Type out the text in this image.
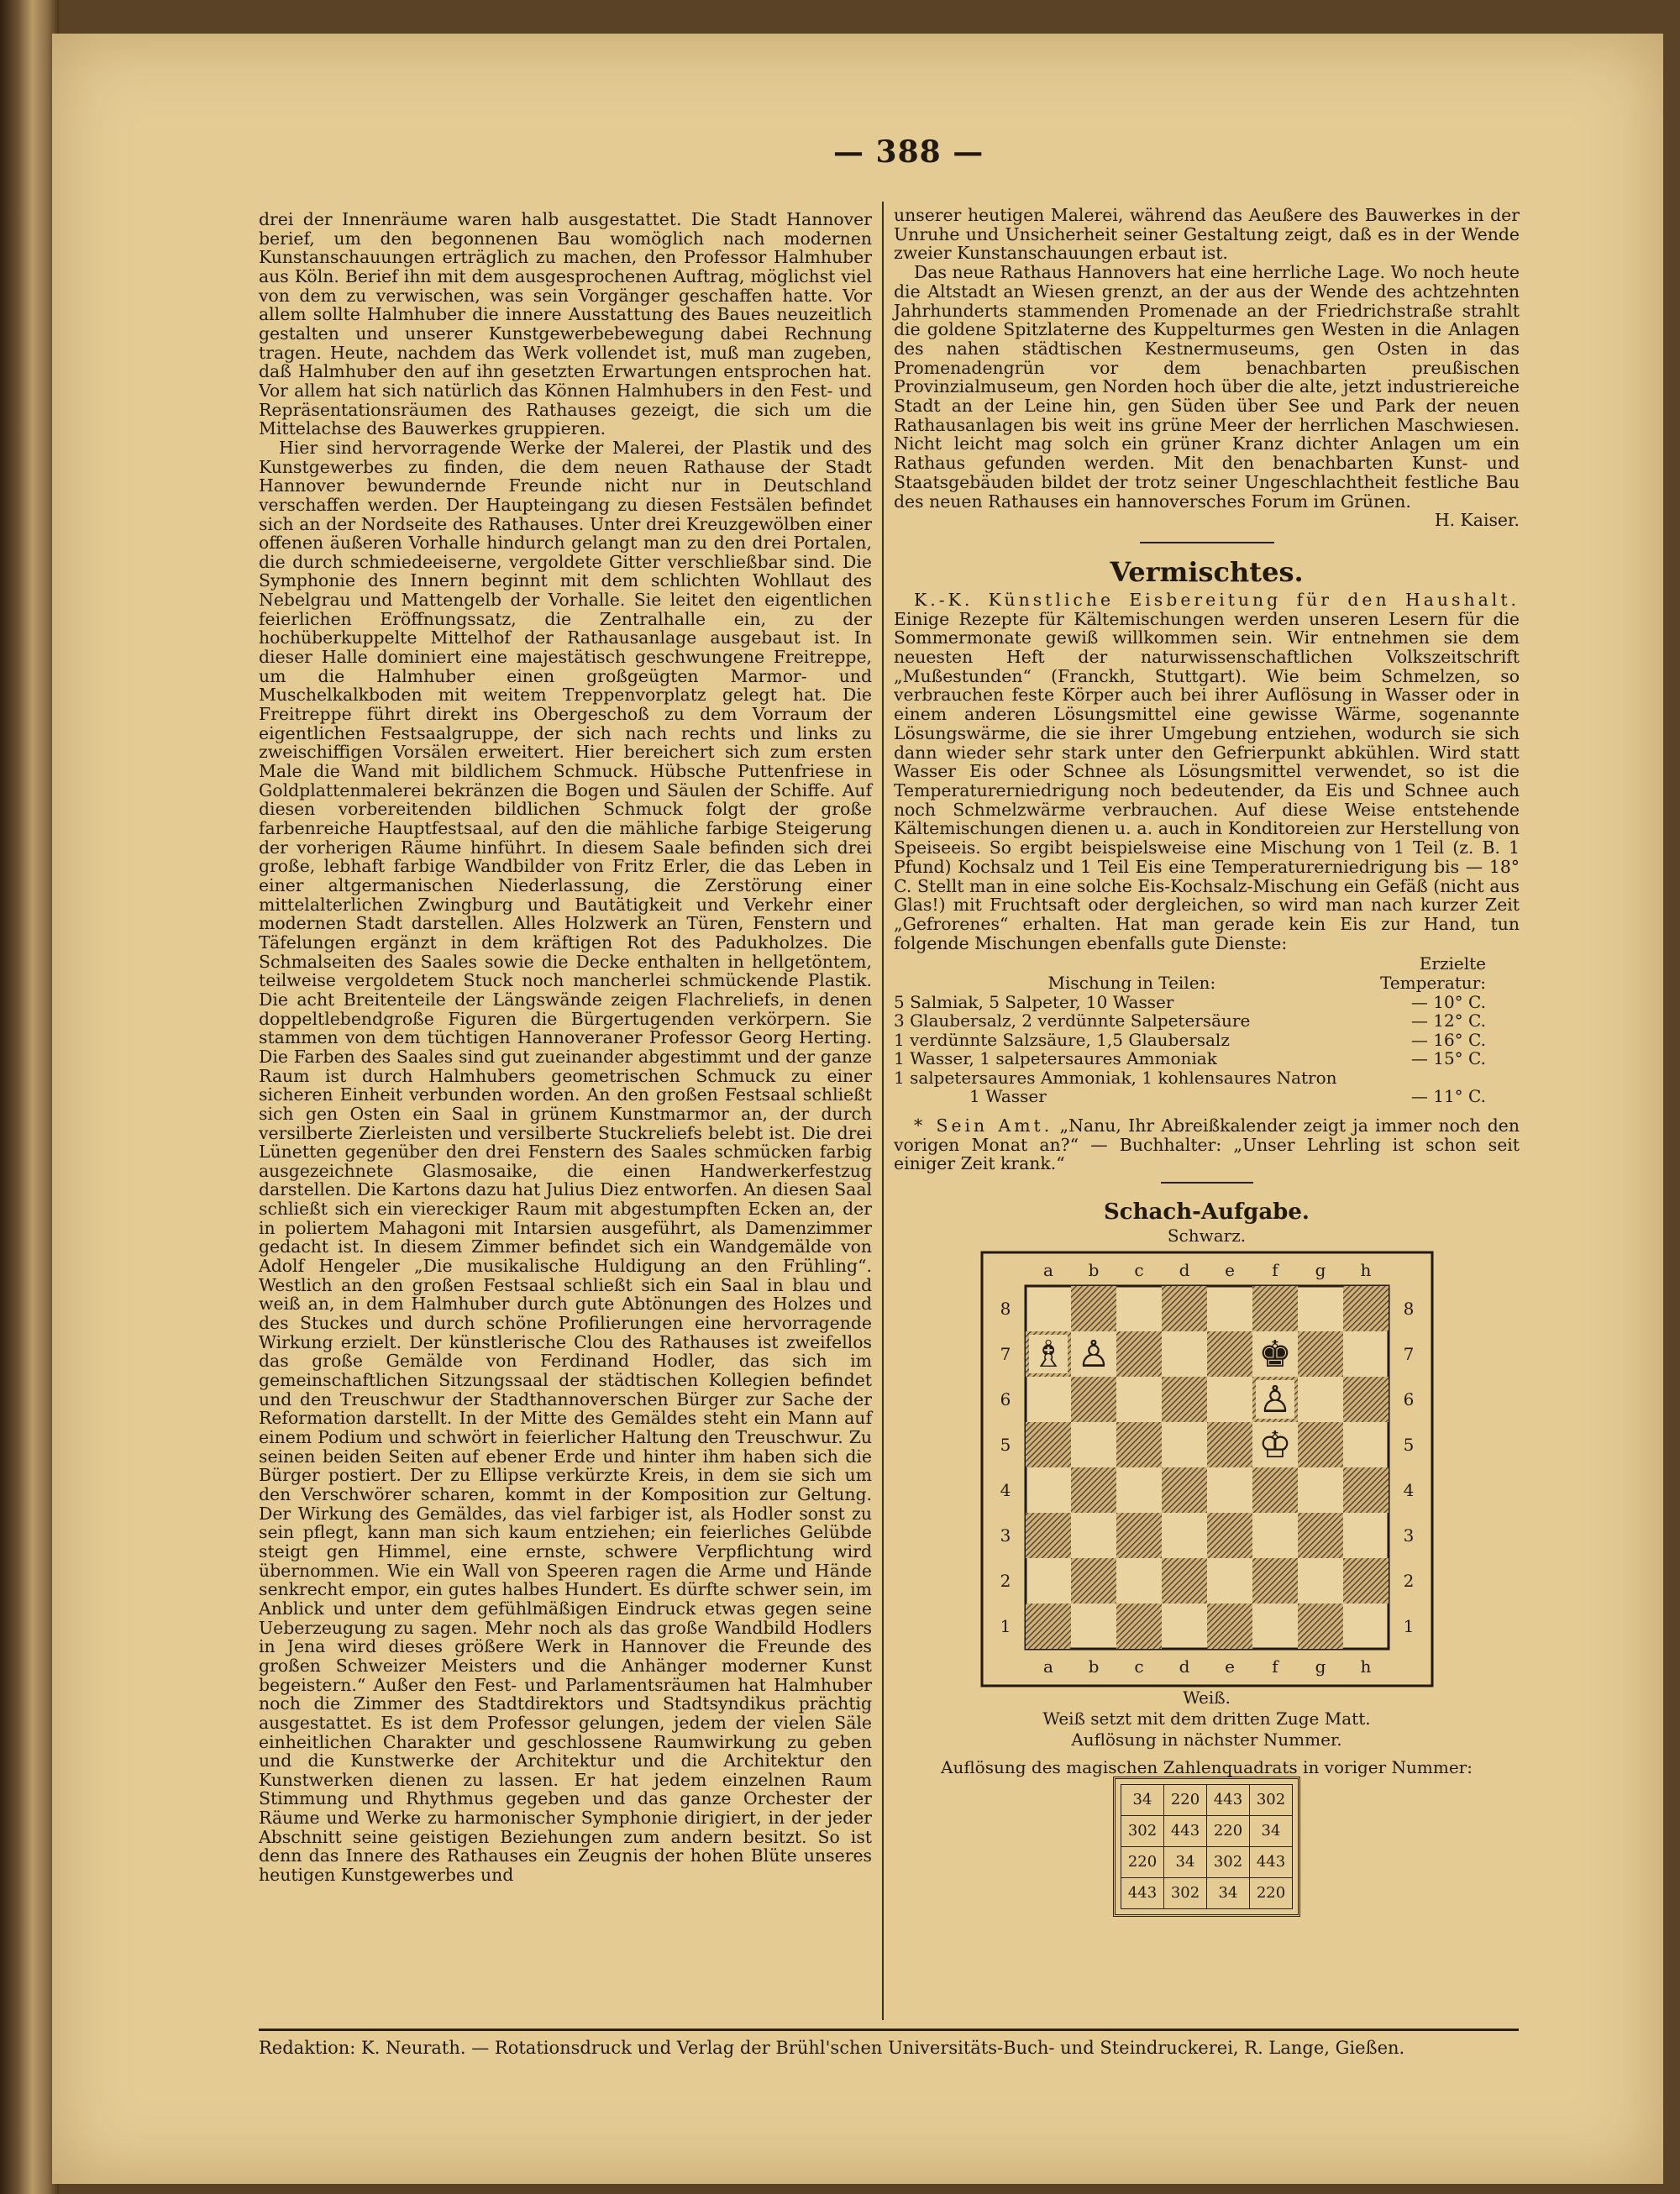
— 388 —

drei der Innenräume waren halb ausgestattet. Die Stadt Hannover berief, um den begonnenen Bau womöglich nach modernen Kunstanschauungen erträglich zu machen, den Professor Halmhuber aus Köln. Berief ihn mit dem ausgesprochenen Auftrag, möglichst viel von dem zu verwischen, was sein Vorgänger geschaffen hatte. Vor allem sollte Halmhuber die innere Ausstattung des Baues neuzeitlich gestalten und unserer Kunstgewerbebewegung dabei Rechnung tragen. Heute, nachdem das Werk vollendet ist, muß man zugeben, daß Halmhuber den auf ihn gesetzten Erwartungen entsprochen hat. Vor allem hat sich natürlich das Können Halmhubers in den Fest- und Repräsentationsräumen des Rathauses gezeigt, die sich um die Mittelachse des Bauwerkes gruppieren.

Hier sind hervorragende Werke der Malerei, der Plastik und des Kunstgewerbes zu finden, die dem neuen Rathause der Stadt Hannover bewundernde Freunde nicht nur in Deutschland verschaffen werden. Der Haupteingang zu diesen Festsälen befindet sich an der Nordseite des Rathauses. Unter drei Kreuzgewölben einer offenen äußeren Vorhalle hindurch gelangt man zu den drei Portalen, die durch schmiedeeiserne, vergoldete Gitter verschließbar sind. Die Symphonie des Innern beginnt mit dem schlichten Wohllaut des Nebelgrau und Mattengelb der Vorhalle. Sie leitet den eigentlichen feierlichen Eröffnungssatz, die Zentralhalle ein, zu der hochüberkuppelte Mittelhof der Rathausanlage ausgebaut ist. In dieser Halle dominiert eine majestätisch geschwungene Freitreppe, um die Halmhuber einen großgeügten Marmor- und Muschelkalkboden mit weitem Treppenvorplatz gelegt hat. Die Freitreppe führt direkt ins Obergeschoß zu dem Vorraum der eigentlichen Festsaalgruppe, der sich nach rechts und links zu zweischiffigen Vorsälen erweitert. Hier bereichert sich zum ersten Male die Wand mit bildlichem Schmuck. Hübsche Puttenfriese in Goldplattenmalerei bekränzen die Bogen und Säulen der Schiffe. Auf diesen vorbereitenden bildlichen Schmuck folgt der große farbenreiche Hauptfestsaal, auf den die mähliche farbige Steigerung der vorherigen Räume hinführt. In diesem Saale befinden sich drei große, lebhaft farbige Wandbilder von Fritz Erler, die das Leben in einer altgermanischen Niederlassung, die Zerstörung einer mittelalterlichen Zwingburg und Bautätigkeit und Verkehr einer modernen Stadt darstellen. Alles Holzwerk an Türen, Fenstern und Täfelungen ergänzt in dem kräftigen Rot des Padukholzes. Die Schmalseiten des Saales sowie die Decke enthalten in hellgetöntem, teilweise vergoldetem Stuck noch mancherlei schmückende Plastik. Die acht Breitenteile der Längswände zeigen Flachreliefs, in denen doppeltlebendgroße Figuren die Bürgertugenden verkörpern. Sie stammen von dem tüchtigen Hannoveraner Professor Georg Herting. Die Farben des Saales sind gut zueinander abgestimmt und der ganze Raum ist durch Halmhubers geometrischen Schmuck zu einer sicheren Einheit verbunden worden. An den großen Festsaal schließt sich gen Osten ein Saal in grünem Kunstmarmor an, der durch versilberte Zierleisten und versilberte Stuckreliefs belebt ist. Die drei Lünetten gegenüber den drei Fenstern des Saales schmücken farbig ausgezeichnete Glasmosaike, die einen Handwerkerfestzug darstellen. Die Kartons dazu hat Julius Diez entworfen. An diesen Saal schließt sich ein viereckiger Raum mit abgestumpften Ecken an, der in poliertem Mahagoni mit Intarsien ausgeführt, als Damenzimmer gedacht ist. In diesem Zimmer befindet sich ein Wandgemälde von Adolf Hengeler „Die musikalische Huldigung an den Frühling“. Westlich an den großen Festsaal schließt sich ein Saal in blau und weiß an, in dem Halmhuber durch gute Abtönungen des Holzes und des Stuckes und durch schöne Profilierungen eine hervorragende Wirkung erzielt. Der künstlerische Clou des Rathauses ist zweifellos das große Gemälde von Ferdinand Hodler, das sich im gemeinschaftlichen Sitzungssaal der städtischen Kollegien befindet und den Treuschwur der Stadthannoverschen Bürger zur Sache der Reformation darstellt. In der Mitte des Gemäldes steht ein Mann auf einem Podium und schwört in feierlicher Haltung den Treuschwur. Zu seinen beiden Seiten auf ebener Erde und hinter ihm haben sich die Bürger postiert. Der zu Ellipse verkürzte Kreis, in dem sie sich um den Verschwörer scharen, kommt in der Komposition zur Geltung. Der Wirkung des Gemäldes, das viel farbiger ist, als Hodler sonst zu sein pflegt, kann man sich kaum entziehen; ein feierliches Gelübde steigt gen Himmel, eine ernste, schwere Verpflichtung wird übernommen. Wie ein Wall von Speeren ragen die Arme und Hände senkrecht empor, ein gutes halbes Hundert. Es dürfte schwer sein, im Anblick und unter dem gefühlmäßigen Eindruck etwas gegen seine Ueberzeugung zu sagen. Mehr noch als das große Wandbild Hodlers in Jena wird dieses größere Werk in Hannover die Freunde des großen Schweizer Meisters und die Anhänger moderner Kunst begeistern.“ Außer den Fest- und Parlamentsräumen hat Halmhuber noch die Zimmer des Stadtdirektors und Stadtsyndikus prächtig ausgestattet. Es ist dem Professor gelungen, jedem der vielen Säle einheitlichen Charakter und geschlossene Raumwirkung zu geben und die Kunstwerke der Architektur und die Architektur den Kunstwerken dienen zu lassen. Er hat jedem einzelnen Raum Stimmung und Rhythmus gegeben und das ganze Orchester der Räume und Werke zu harmonischer Symphonie dirigiert, in der jeder Abschnitt seine geistigen Beziehungen zum andern besitzt. So ist denn das Innere des Rathauses ein Zeugnis der hohen Blüte unseres heutigen Kunstgewerbes und

unserer heutigen Malerei, während das Aeußere des Bauwerkes in der Unruhe und Unsicherheit seiner Gestaltung zeigt, daß es in der Wende zweier Kunstanschauungen erbaut ist.

Das neue Rathaus Hannovers hat eine herrliche Lage. Wo noch heute die Altstadt an Wiesen grenzt, an der aus der Wende des achtzehnten Jahrhunderts stammenden Promenade an der Friedrichstraße strahlt die goldene Spitzlaterne des Kuppelturmes gen Westen in die Anlagen des nahen städtischen Kestnermuseums, gen Osten in das Promenadengrün vor dem benachbarten preußischen Provinzialmuseum, gen Norden hoch über die alte, jetzt industriereiche Stadt an der Leine hin, gen Süden über See und Park der neuen Rathausanlagen bis weit ins grüne Meer der herrlichen Maschwiesen. Nicht leicht mag solch ein grüner Kranz dichter Anlagen um ein Rathaus gefunden werden. Mit den benachbarten Kunst- und Staatsgebäuden bildet der trotz seiner Ungeschlachtheit festliche Bau des neuen Rathauses ein hannoversches Forum im Grünen.

H. Kaiser.
Vermischtes.

K.-K. Künstliche Eisbereitung für den Haushalt. Einige Rezepte für Kältemischungen werden unseren Lesern für die Sommermonate gewiß willkommen sein. Wir entnehmen sie dem neuesten Heft der naturwissenschaftlichen Volkszeitschrift „Mußestunden“ (Franckh, Stuttgart). Wie beim Schmelzen, so verbrauchen feste Körper auch bei ihrer Auflösung in Wasser oder in einem anderen Lösungsmittel eine gewisse Wärme, sogenannte Lösungswärme, die sie ihrer Umgebung entziehen, wodurch sie sich dann wieder sehr stark unter den Gefrierpunkt abkühlen. Wird statt Wasser Eis oder Schnee als Lösungsmittel verwendet, so ist die Temperaturerniedrigung noch bedeutender, da Eis und Schnee auch noch Schmelzwärme verbrauchen. Auf diese Weise entstehende Kältemischungen dienen u. a. auch in Konditoreien zur Herstellung von Speiseeis. So ergibt beispielsweise eine Mischung von 1 Teil (z. B. 1 Pfund) Kochsalz und 1 Teil Eis eine Temperaturerniedrigung bis — 18° C. Stellt man in eine solche Eis-Kochsalz-Mischung ein Gefäß (nicht aus Glas!) mit Fruchtsaft oder dergleichen, so wird man nach kurzer Zeit „Gefrorenes“ erhalten. Hat man gerade kein Eis zur Hand, tun folgende Mischungen ebenfalls gute Dienste:

Mischung in Teilen:	Erzielte
Temperatur:
5 Salmiak, 5 Salpeter, 10 Wasser	— 10° C.
3 Glaubersalz, 2 verdünnte Salpetersäure	— 12° C.
1 verdünnte Salzsäure, 1,5 Glaubersalz	— 16° C.
1 Wasser, 1 salpetersaures Ammoniak	— 15° C.
1 salpetersaures Ammoniak, 1 kohlensaures Natron	
1 Wasser	— 11° C.

* Sein Amt. „Nanu, Ihr Abreißkalender zeigt ja immer noch den vorigen Monat an?“ — Buchhalter: „Unser Lehrling ist schon seit einiger Zeit krank.“

Schach-Aufgabe.
Schwarz.
a
a
b
b
c
c
d
d
e
e
f
f
g
g
h
h
8	8
7	7
6	6
5	5
4	4
3	3
2	2
1	1
♗ ♙	♚
♙
♔
Weiß.
Weiß setzt mit dem dritten Zuge Matt.
Auflösung in nächster Nummer.
Auflösung des magischen Zahlenquadrats in voriger Nummer:
34	220	443	302
302	443	220	34
220	34	302	443
443	302	34	220
Redaktion: K. Neurath. — Rotationsdruck und Verlag der Brühl'schen Universitäts-Buch- und Steindruckerei, R. Lange, Gießen.
